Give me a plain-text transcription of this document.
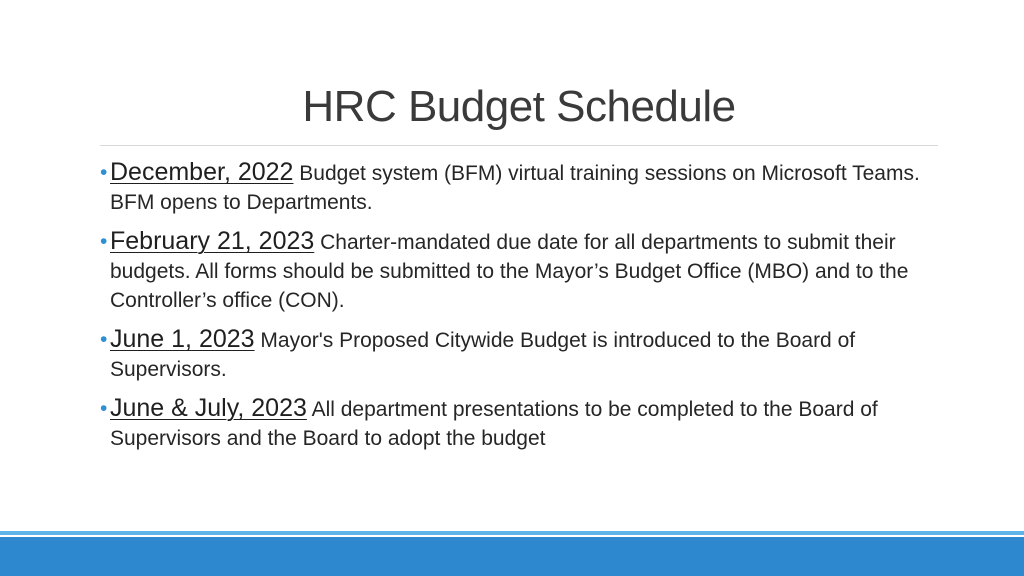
HRC Budget Schedule
• December, 2022 Budget system (BFM) virtual training sessions on Microsoft Teams. BFM opens to Departments.
• February 21, 2023 Charter-mandated due date for all departments to submit their budgets. All forms should be submitted to the Mayor’s Budget Office (MBO) and to the Controller’s office (CON).
• June 1, 2023 Mayor's Proposed Citywide Budget is introduced to the Board of Supervisors.
• June & July, 2023 All department presentations to be completed to the Board of Supervisors and the Board to adopt the budget
